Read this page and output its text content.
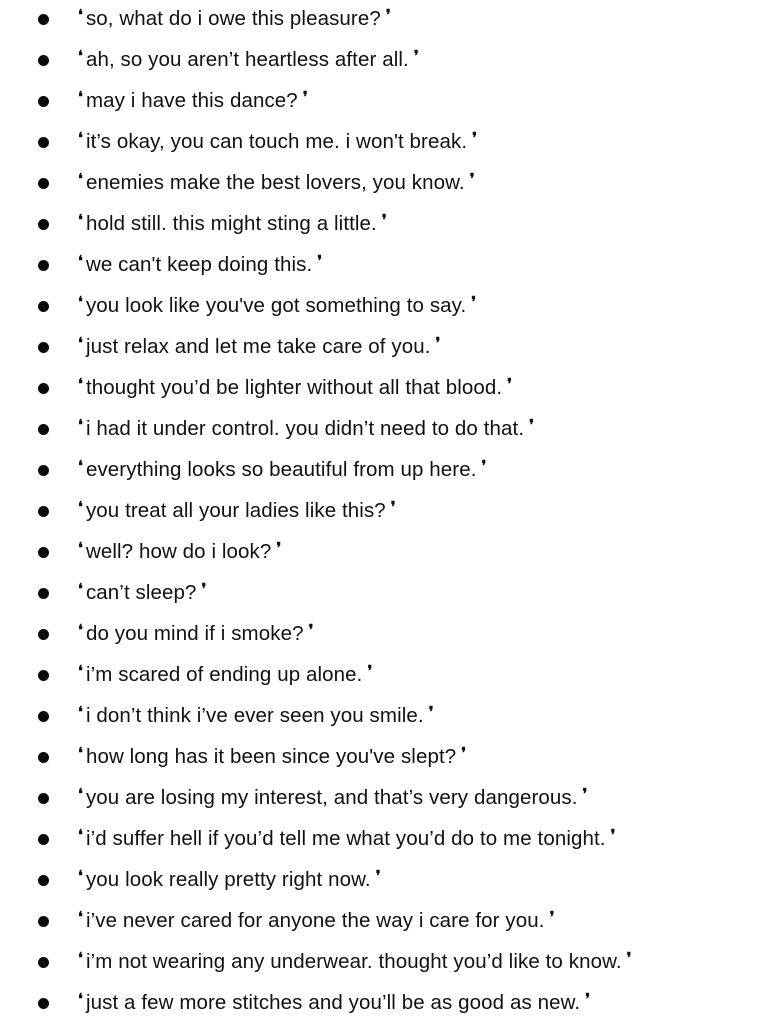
❛ so, what do i owe this pleasure? ❜
❛ ah, so you aren’t heartless after all. ❜
❛ may i have this dance? ❜
❛ it’s okay, you can touch me. i won't break. ❜
❛ enemies make the best lovers, you know. ❜
❛ hold still. this might sting a little. ❜
❛ we can't keep doing this. ❜
❛ you look like you've got something to say. ❜
❛ just relax and let me take care of you. ❜
❛ thought you’d be lighter without all that blood. ❜
❛ i had it under control. you didn’t need to do that. ❜
❛ everything looks so beautiful from up here. ❜
❛ you treat all your ladies like this? ❜
❛ well? how do i look? ❜
❛ can’t sleep? ❜
❛ do you mind if i smoke? ❜
❛ i’m scared of ending up alone. ❜
❛ i don’t think i’ve ever seen you smile. ❜
❛ how long has it been since you've slept? ❜
❛ you are losing my interest, and that’s very dangerous. ❜
❛ i’d suffer hell if you’d tell me what you’d do to me tonight. ❜
❛ you look really pretty right now. ❜
❛ i’ve never cared for anyone the way i care for you. ❜
❛ i’m not wearing any underwear. thought you’d like to know. ❜
❛ just a few more stitches and you’ll be as good as new. ❜
